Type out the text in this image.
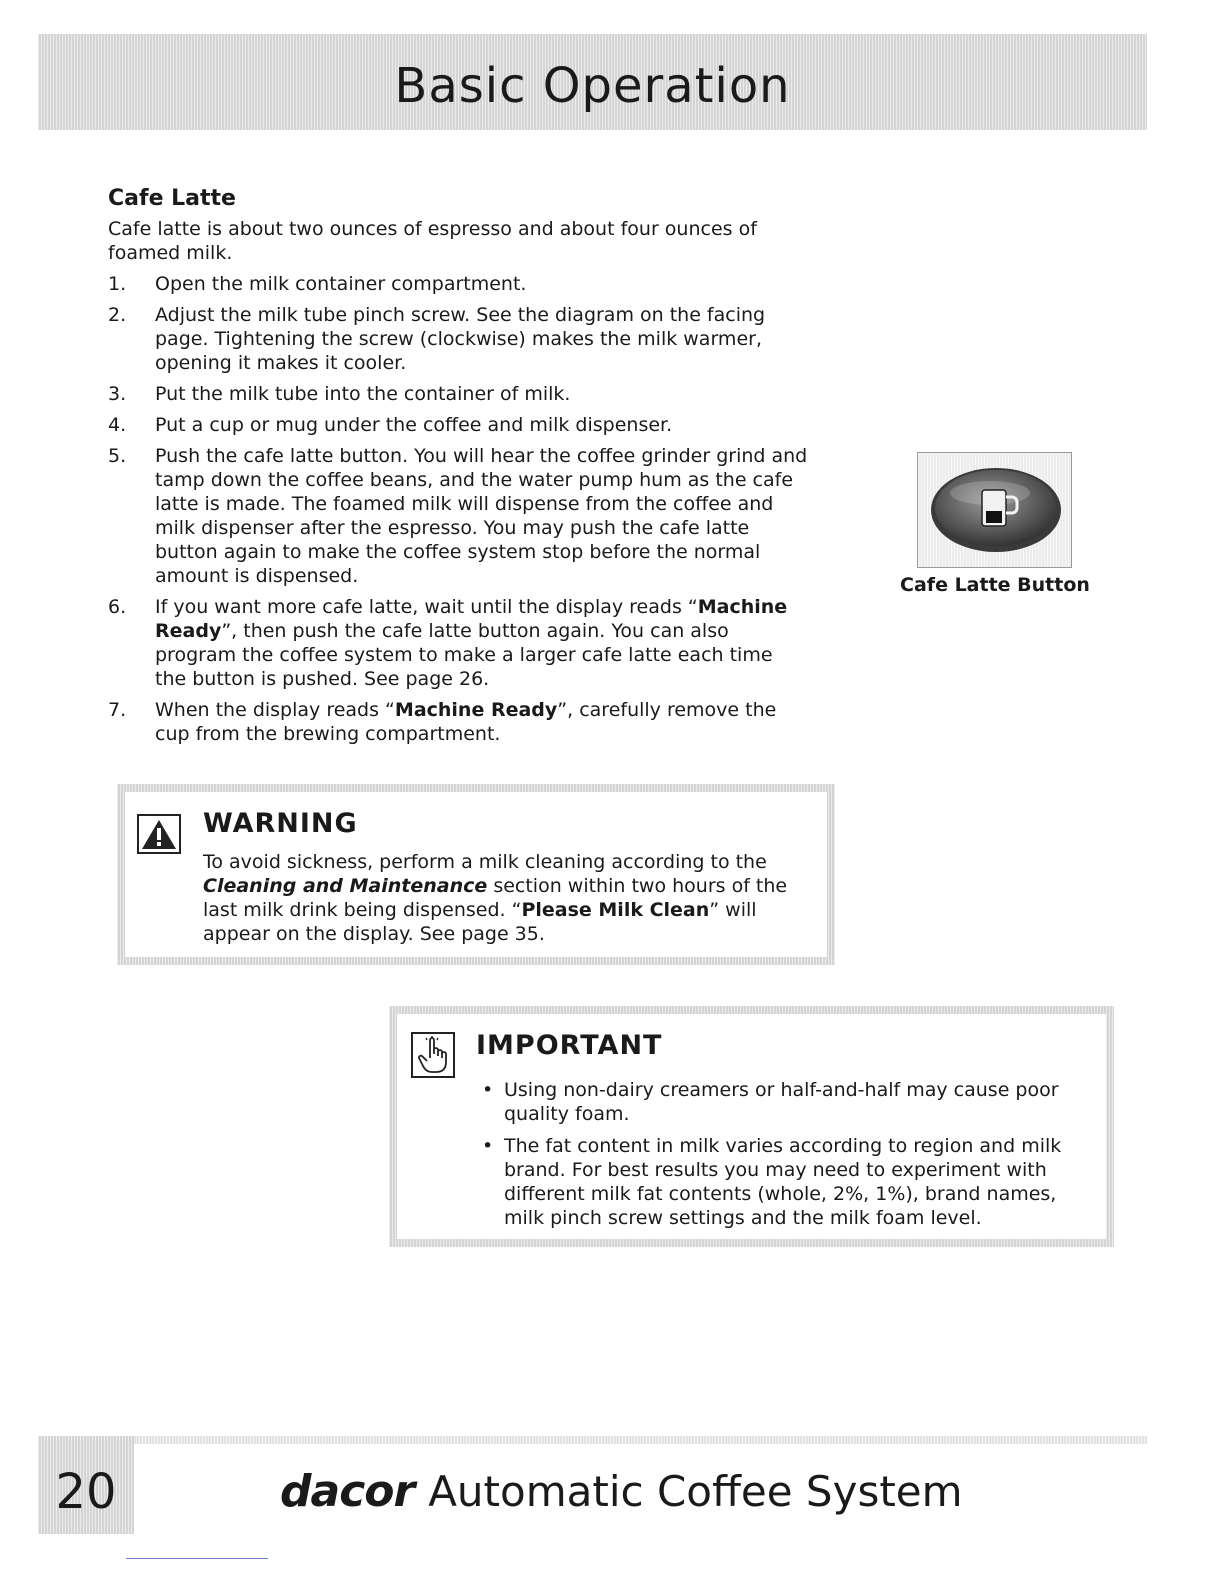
Basic Operation
Cafe Latte
Cafe latte is about two ounces of espresso and about four ounces of foamed milk.
1.	Open the milk container compartment.
2.	Adjust the milk tube pinch screw. See the diagram on the facing page. Tightening the screw (clockwise) makes the milk warmer, opening it makes it cooler.
3.	Put the milk tube into the container of milk.
4.	Put a cup or mug under the coffee and milk dispenser.
5.	Push the cafe latte button. You will hear the coffee grinder grind and tamp down the coffee beans, and the water pump hum as the cafe latte is made. The foamed milk will dispense from the coffee and milk dispenser after the espresso. You may push the cafe latte button again to make the coffee system stop before the normal amount is dispensed.
6.	If you want more cafe latte, wait until the display reads “Machine Ready”, then push the cafe latte button again. You can also program the coffee system to make a larger cafe latte each time the button is pushed. See page 26.
7.	When the display reads “Machine Ready”, carefully remove the cup from the brewing compartment.
Cafe Latte Button
WARNING
To avoid sickness, perform a milk cleaning according to the Cleaning and Maintenance section within two hours of the last milk drink being dispensed. “Please Milk Clean” will appear on the display. See page 35.
IMPORTANT
• Using non-dairy creamers or half-and-half may cause poor quality foam.
• The fat content in milk varies according to region and milk brand. For best results you may need to experiment with different milk fat contents (whole, 2%, 1%), brand names, milk pinch screw settings and the milk foam level.
20	dacor Automatic Coffee System
